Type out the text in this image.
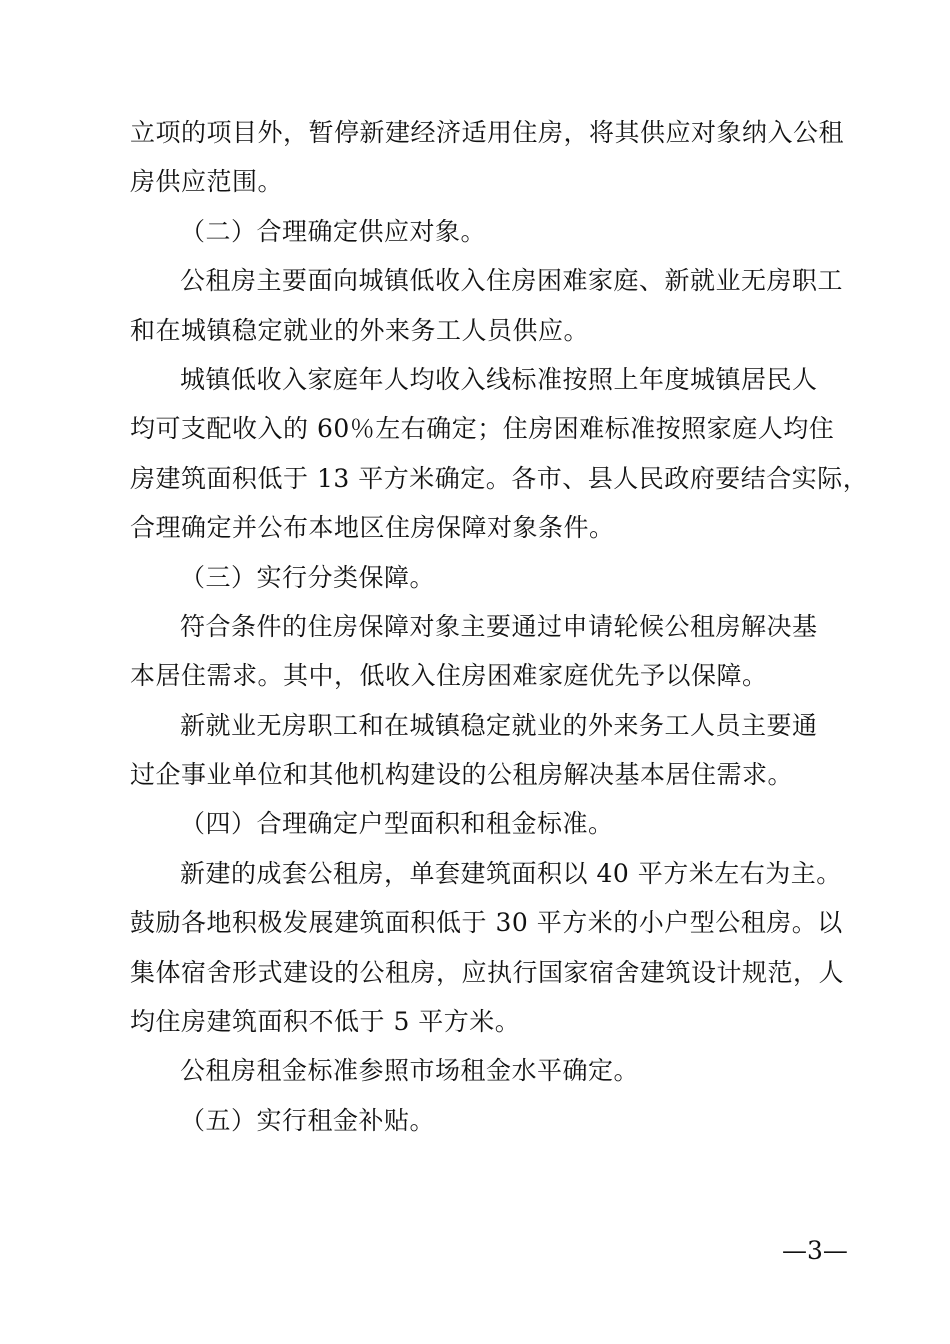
立项的项目外，暂停新建经济适用住房，将其供应对象纳入公租
房供应范围。
（二）合理确定供应对象。
公租房主要面向城镇低收入住房困难家庭、新就业无房职工
和在城镇稳定就业的外来务工人员供应。
城镇低收入家庭年人均收入线标准按照上年度城镇居民人
均可支配收入的 60％左右确定；住房困难标准按照家庭人均住
房建筑面积低于 13 平方米确定。各市、县人民政府要结合实际，
合理确定并公布本地区住房保障对象条件。
（三）实行分类保障。
符合条件的住房保障对象主要通过申请轮候公租房解决基
本居住需求。其中，低收入住房困难家庭优先予以保障。
新就业无房职工和在城镇稳定就业的外来务工人员主要通
过企事业单位和其他机构建设的公租房解决基本居住需求。
（四）合理确定户型面积和租金标准。
新建的成套公租房，单套建筑面积以 40 平方米左右为主。
鼓励各地积极发展建筑面积低于 30 平方米的小户型公租房。以
集体宿舍形式建设的公租房，应执行国家宿舍建筑设计规范，人
均住房建筑面积不低于 5 平方米。
公租房租金标准参照市场租金水平确定。
（五）实行租金补贴。
—3—
